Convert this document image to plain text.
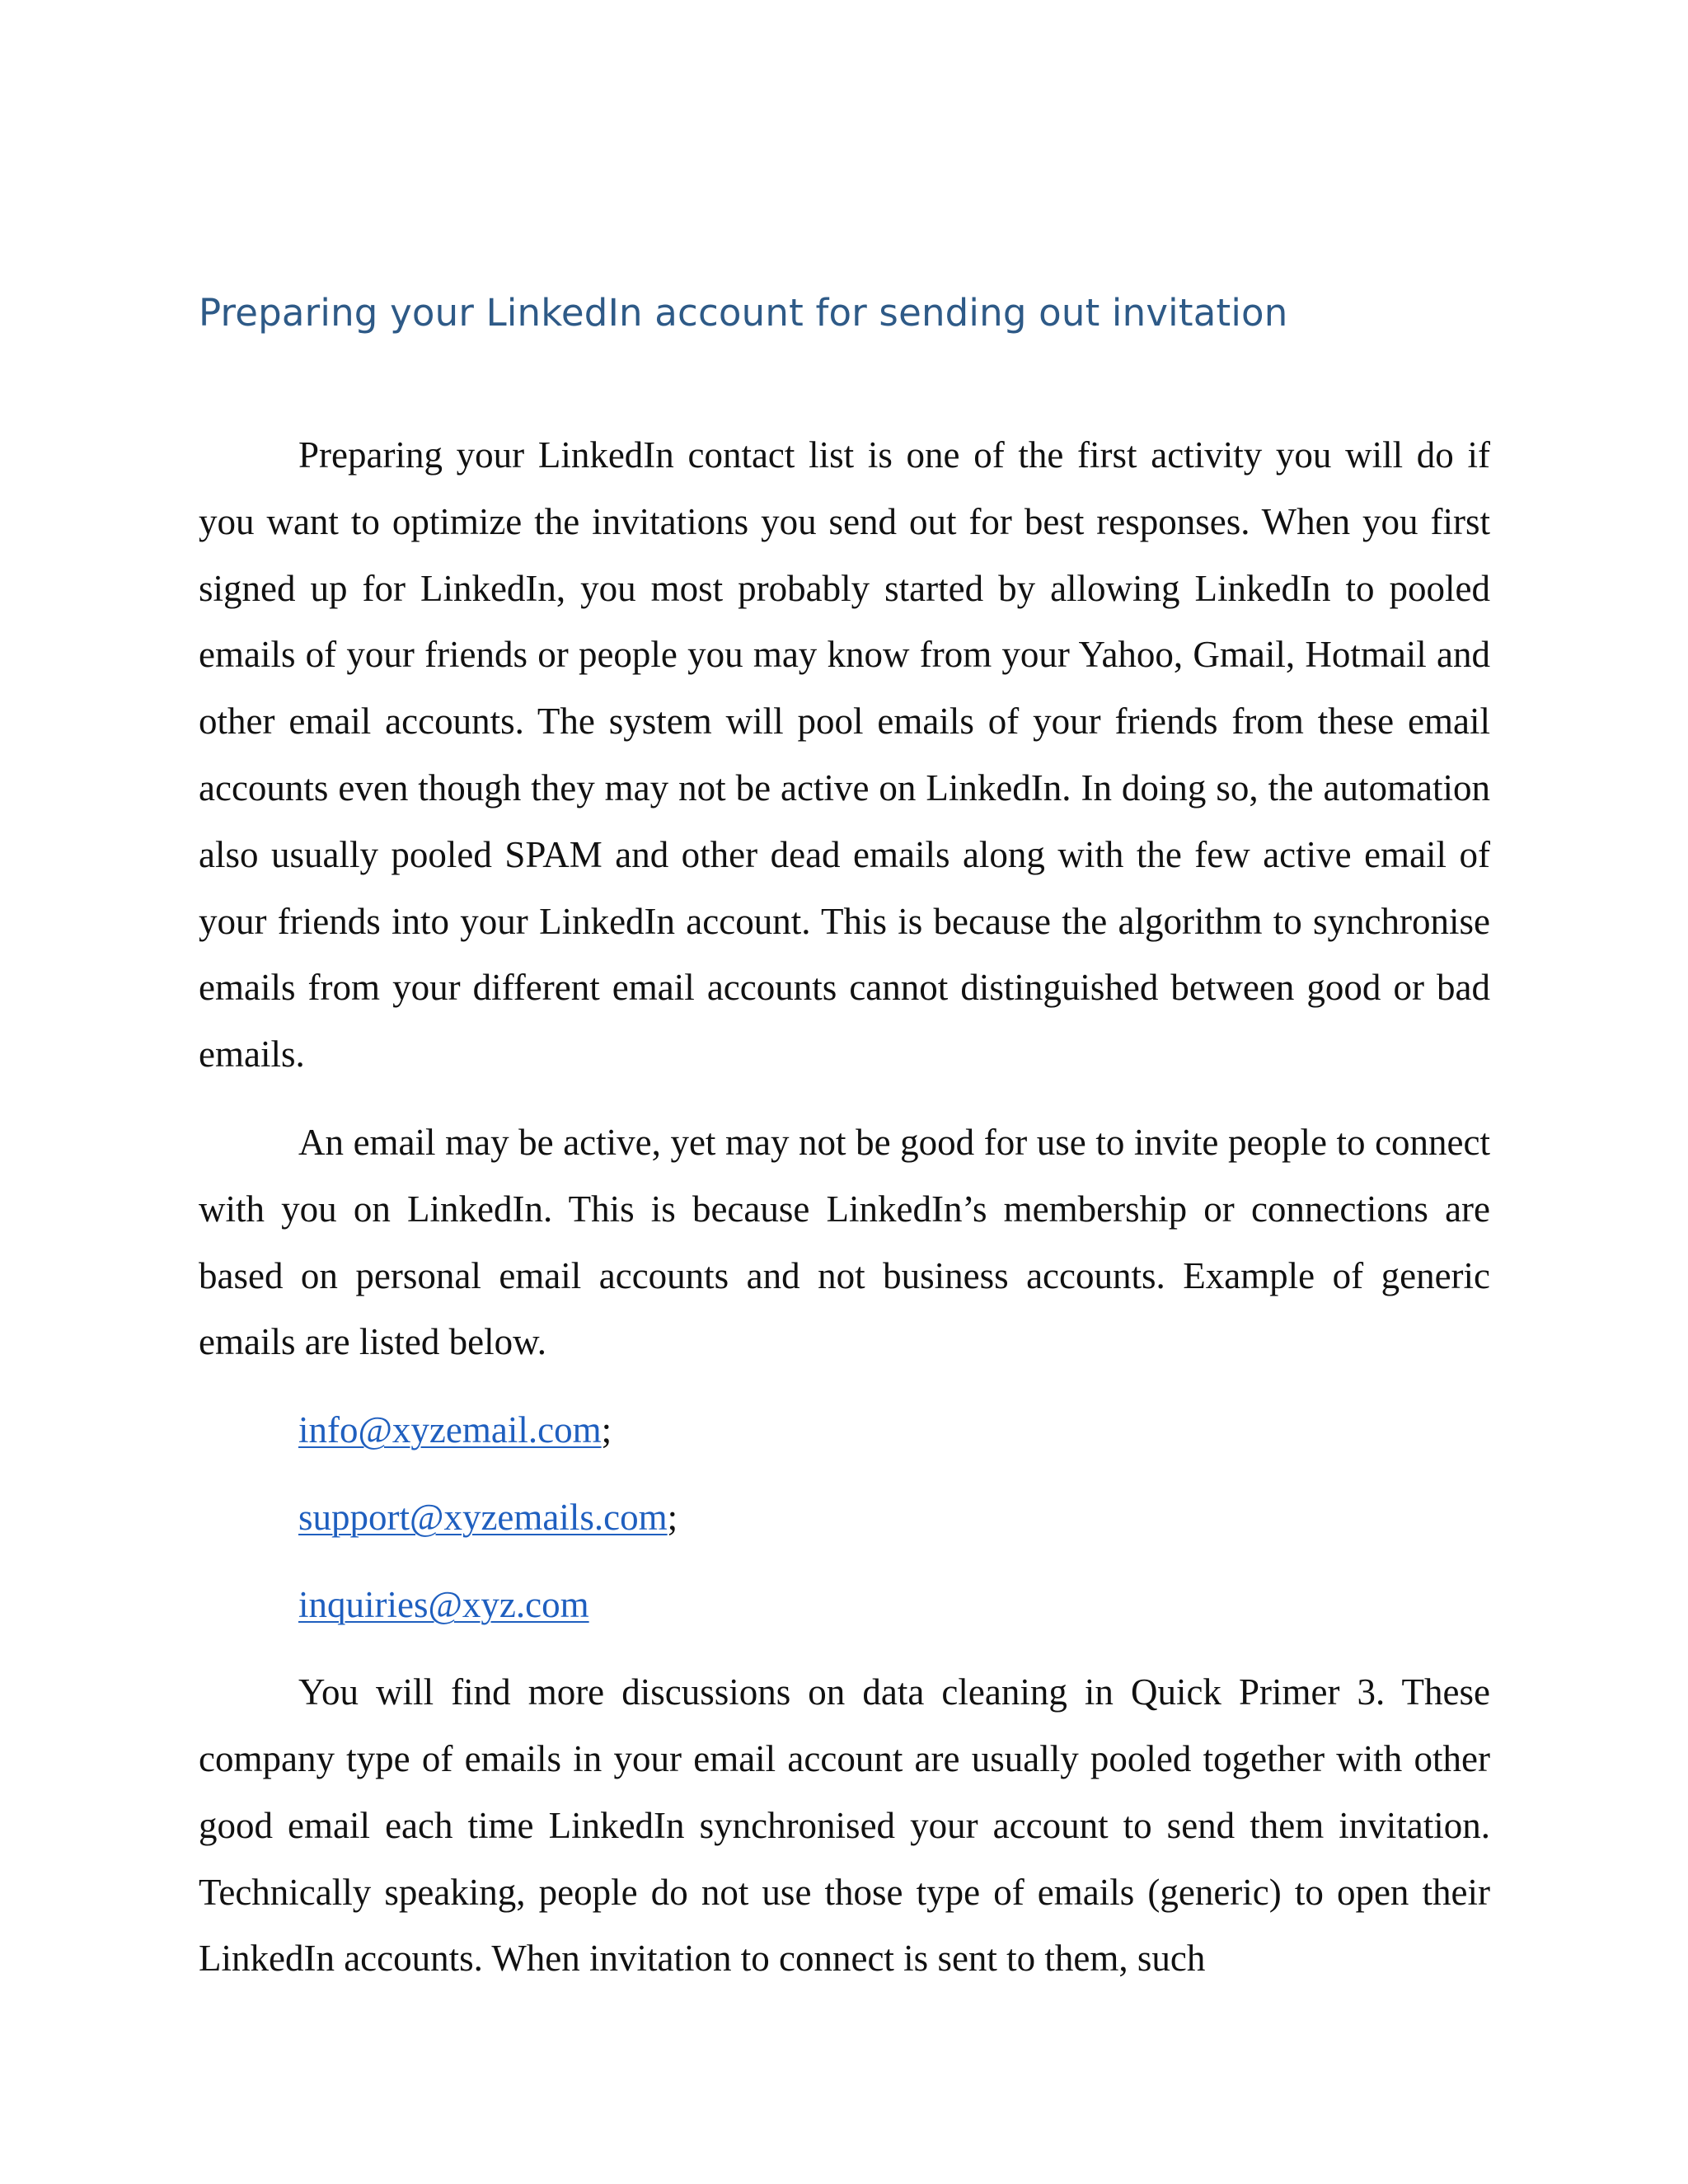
Preparing your LinkedIn account for sending out invitation

Preparing your LinkedIn contact list is one of the first activity you will do if you want to optimize the invitations you send out for best responses. When you first signed up for LinkedIn, you most probably started by allowing LinkedIn to pooled emails of your friends or people you may know from your Yahoo, Gmail, Hotmail and other email accounts. The system will pool emails of your friends from these email accounts even though they may not be active on LinkedIn. In doing so, the automation also usually pooled SPAM and other dead emails along with the few active email of your friends into your LinkedIn account. This is because the algorithm to synchronise emails from your different email accounts cannot distinguished between good or bad emails.

An email may be active, yet may not be good for use to invite people to connect with you on LinkedIn. This is because LinkedIn’s membership or connections are based on personal email accounts and not business accounts. Example of generic emails are listed below.

info@xyzemail.com;

support@xyzemails.com;

inquiries@xyz.com

You will find more discussions on data cleaning in Quick Primer 3. These company type of emails in your email account are usually pooled together with other good email each time LinkedIn synchronised your account to send them invitation. Technically speaking, people do not use those type of emails (generic) to open their LinkedIn accounts. When invitation to connect is sent to them, such
